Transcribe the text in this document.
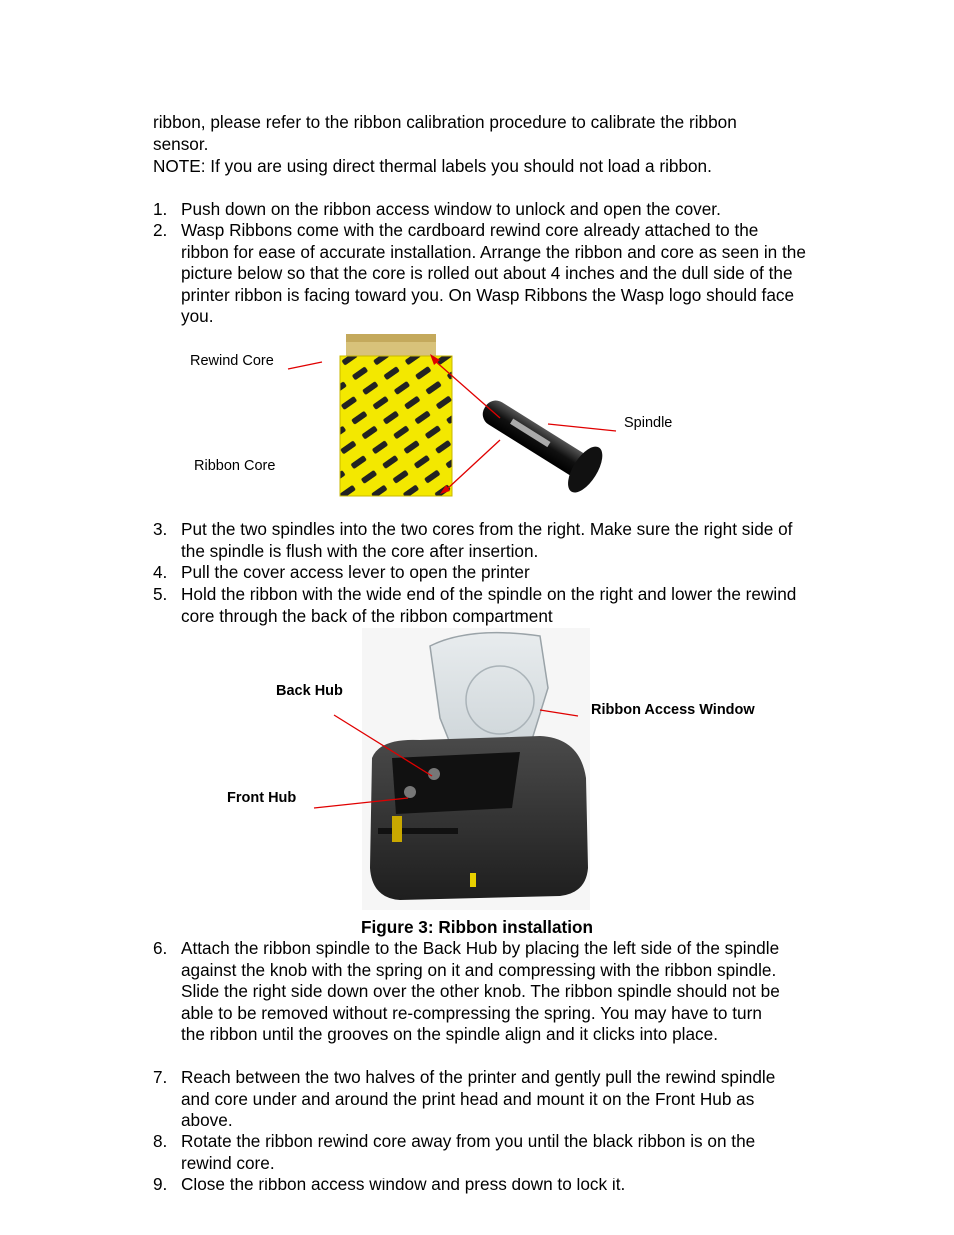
ribbon, please refer to the ribbon calibration procedure to calibrate the ribbon

sensor.

NOTE: If you are using direct thermal labels you should not load a ribbon.

1. Push down on the ribbon access window to unlock and open the cover.
2. Wasp Ribbons come with the cardboard rewind core already attached to the ribbon for ease of accurate installation. Arrange the ribbon and core as seen in the picture below so that the core is rolled out about 4 inches and the dull side of the printer ribbon is facing toward you. On Wasp Ribbons the Wasp logo should face you.
Rewind Core
Ribbon Core
Spindle
3. Put the two spindles into the two cores from the right. Make sure the right side of the spindle is flush with the core after insertion.
4. Pull the cover access lever to open the printer
5. Hold the ribbon with the wide end of the spindle on the right and lower the rewind core through the back of the ribbon compartment
Back Hub
Front Hub
Ribbon Access Window
Figure 3: Ribbon installation
6. Attach the ribbon spindle to the Back Hub by placing the left side of the spindle against the knob with the spring on it and compressing with the ribbon spindle. Slide the right side down over the other knob. The ribbon spindle should not be able to be removed without re-compressing the spring. You may have to turn the ribbon until the grooves on the spindle align and it clicks into place.
7. Reach between the two halves of the printer and gently pull the rewind spindle and core under and around the print head and mount it on the Front Hub as above.
8. Rotate the ribbon rewind core away from you until the black ribbon is on the rewind core.
9. Close the ribbon access window and press down to lock it.
